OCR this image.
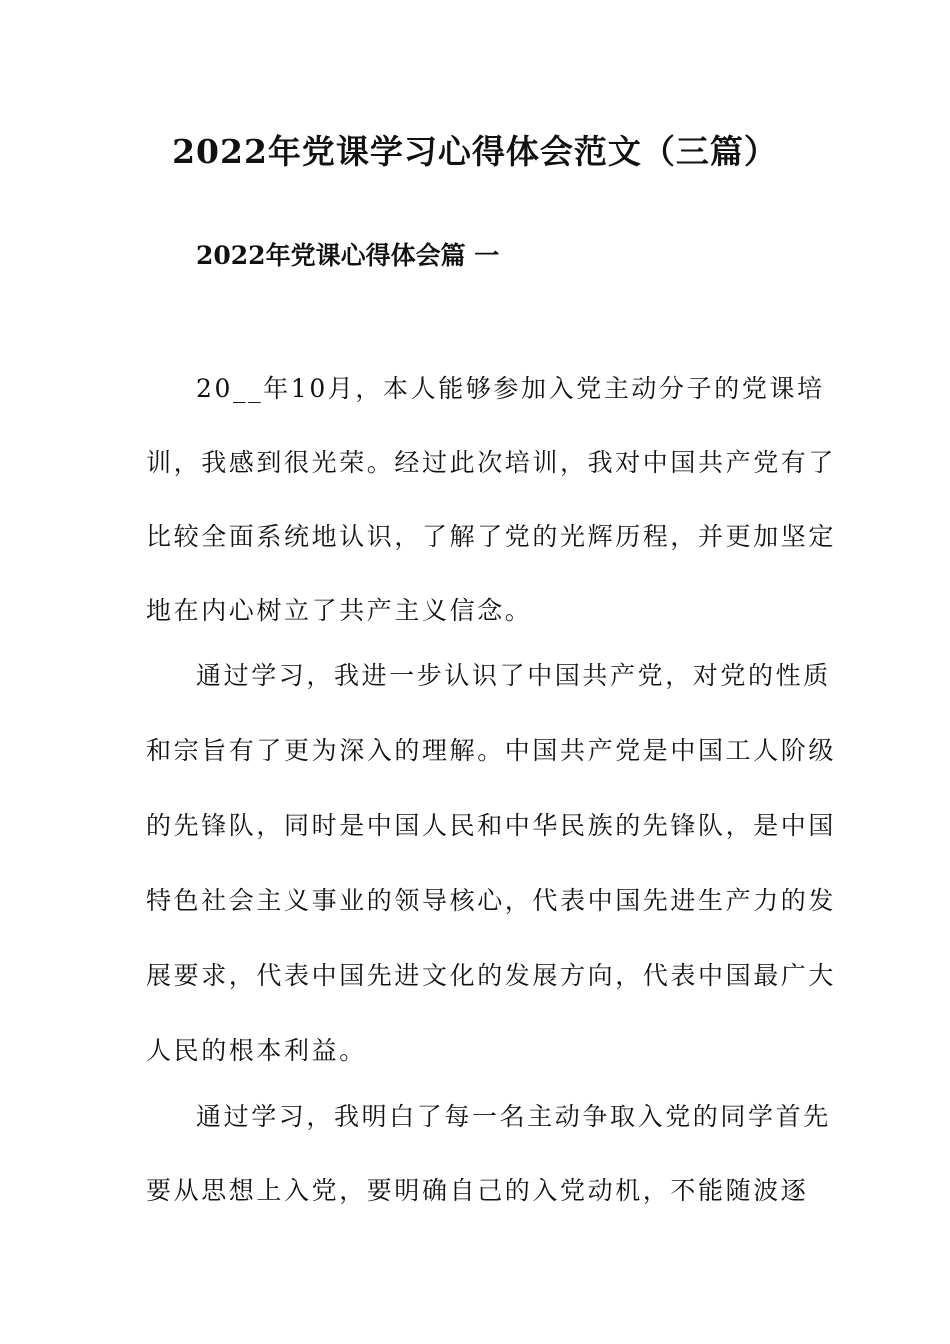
2022年党课学习心得体会范文（三篇）
2022年党课心得体会篇 一
20__年10月，本人能够参加入党主动分子的党课培
训，我感到很光荣。经过此次培训，我对中国共产党有了
比较全面系统地认识，了解了党的光辉历程，并更加坚定
地在内心树立了共产主义信念。
通过学习，我进一步认识了中国共产党，对党的性质
和宗旨有了更为深入的理解。中国共产党是中国工人阶级
的先锋队，同时是中国人民和中华民族的先锋队，是中国
特色社会主义事业的领导核心，代表中国先进生产力的发
展要求，代表中国先进文化的发展方向，代表中国最广大
人民的根本利益。
通过学习，我明白了每一名主动争取入党的同学首先
要从思想上入党，要明确自己的入党动机，不能随波逐
